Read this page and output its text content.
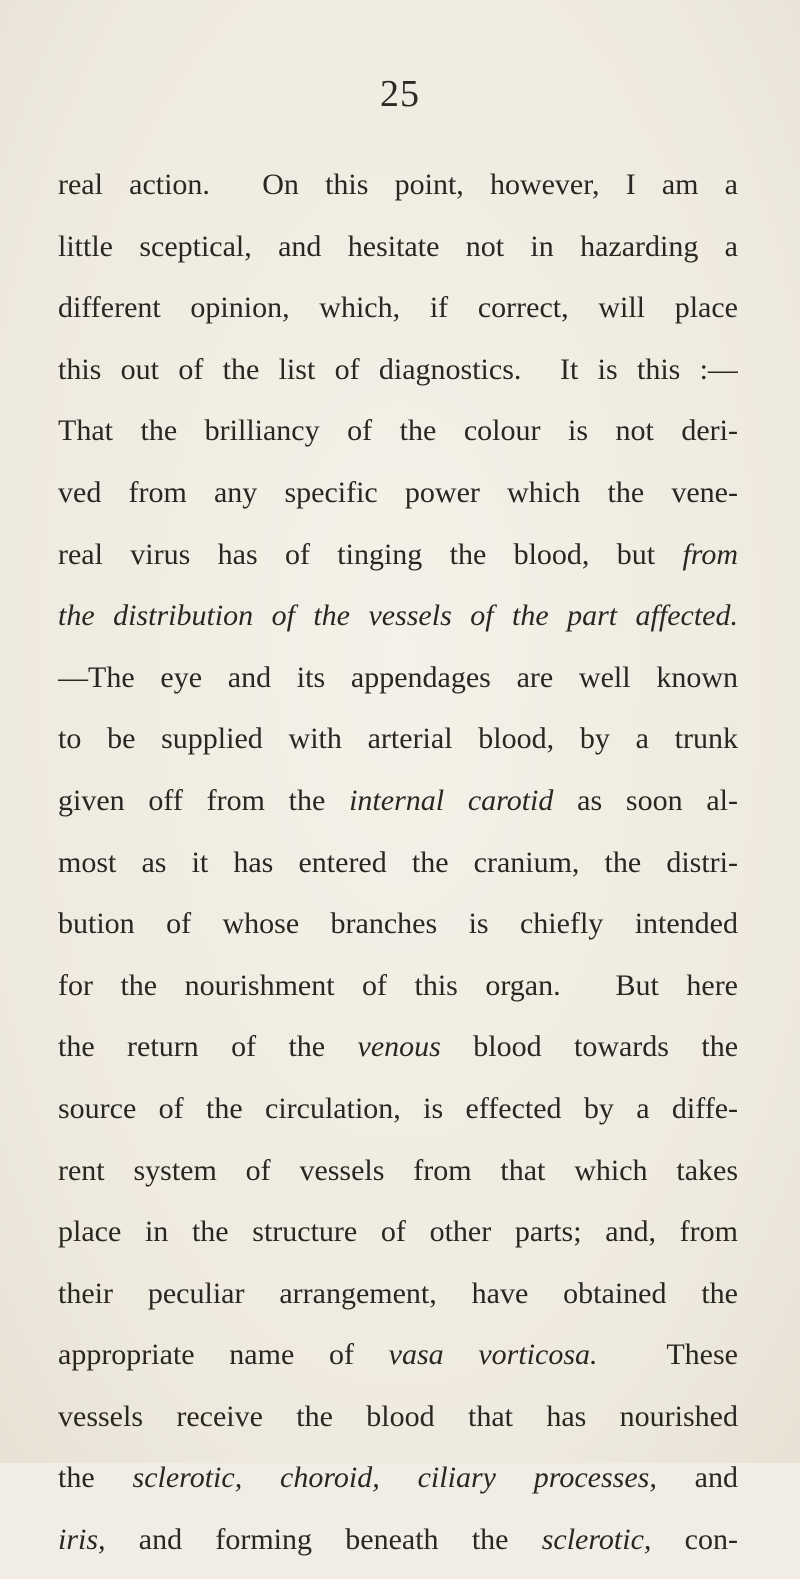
25
real action.  On this point, however, I am a
little sceptical, and hesitate not in hazarding a
different opinion, which, if correct, will place
this out of the list of diagnostics.  It is this :—
That the brilliancy of the colour is not deri-
ved from any specific power which the vene-
real virus has of tinging the blood, but from
the distribution of the vessels of the part affected.
—The eye and its appendages are well known
to be supplied with arterial blood, by a trunk
given off from the internal carotid as soon al-
most as it has entered the cranium, the distri-
bution of whose branches is chiefly intended
for the nourishment of this organ.  But here
the return of the venous blood towards the
source of the circulation, is effected by a diffe-
rent system of vessels from that which takes
place in the structure of other parts; and, from
their peculiar arrangement, have obtained the
appropriate name of vasa vorticosa.  These
vessels receive the blood that has nourished
the sclerotic, choroid, ciliary processes, and
iris, and forming beneath the sclerotic, con-
